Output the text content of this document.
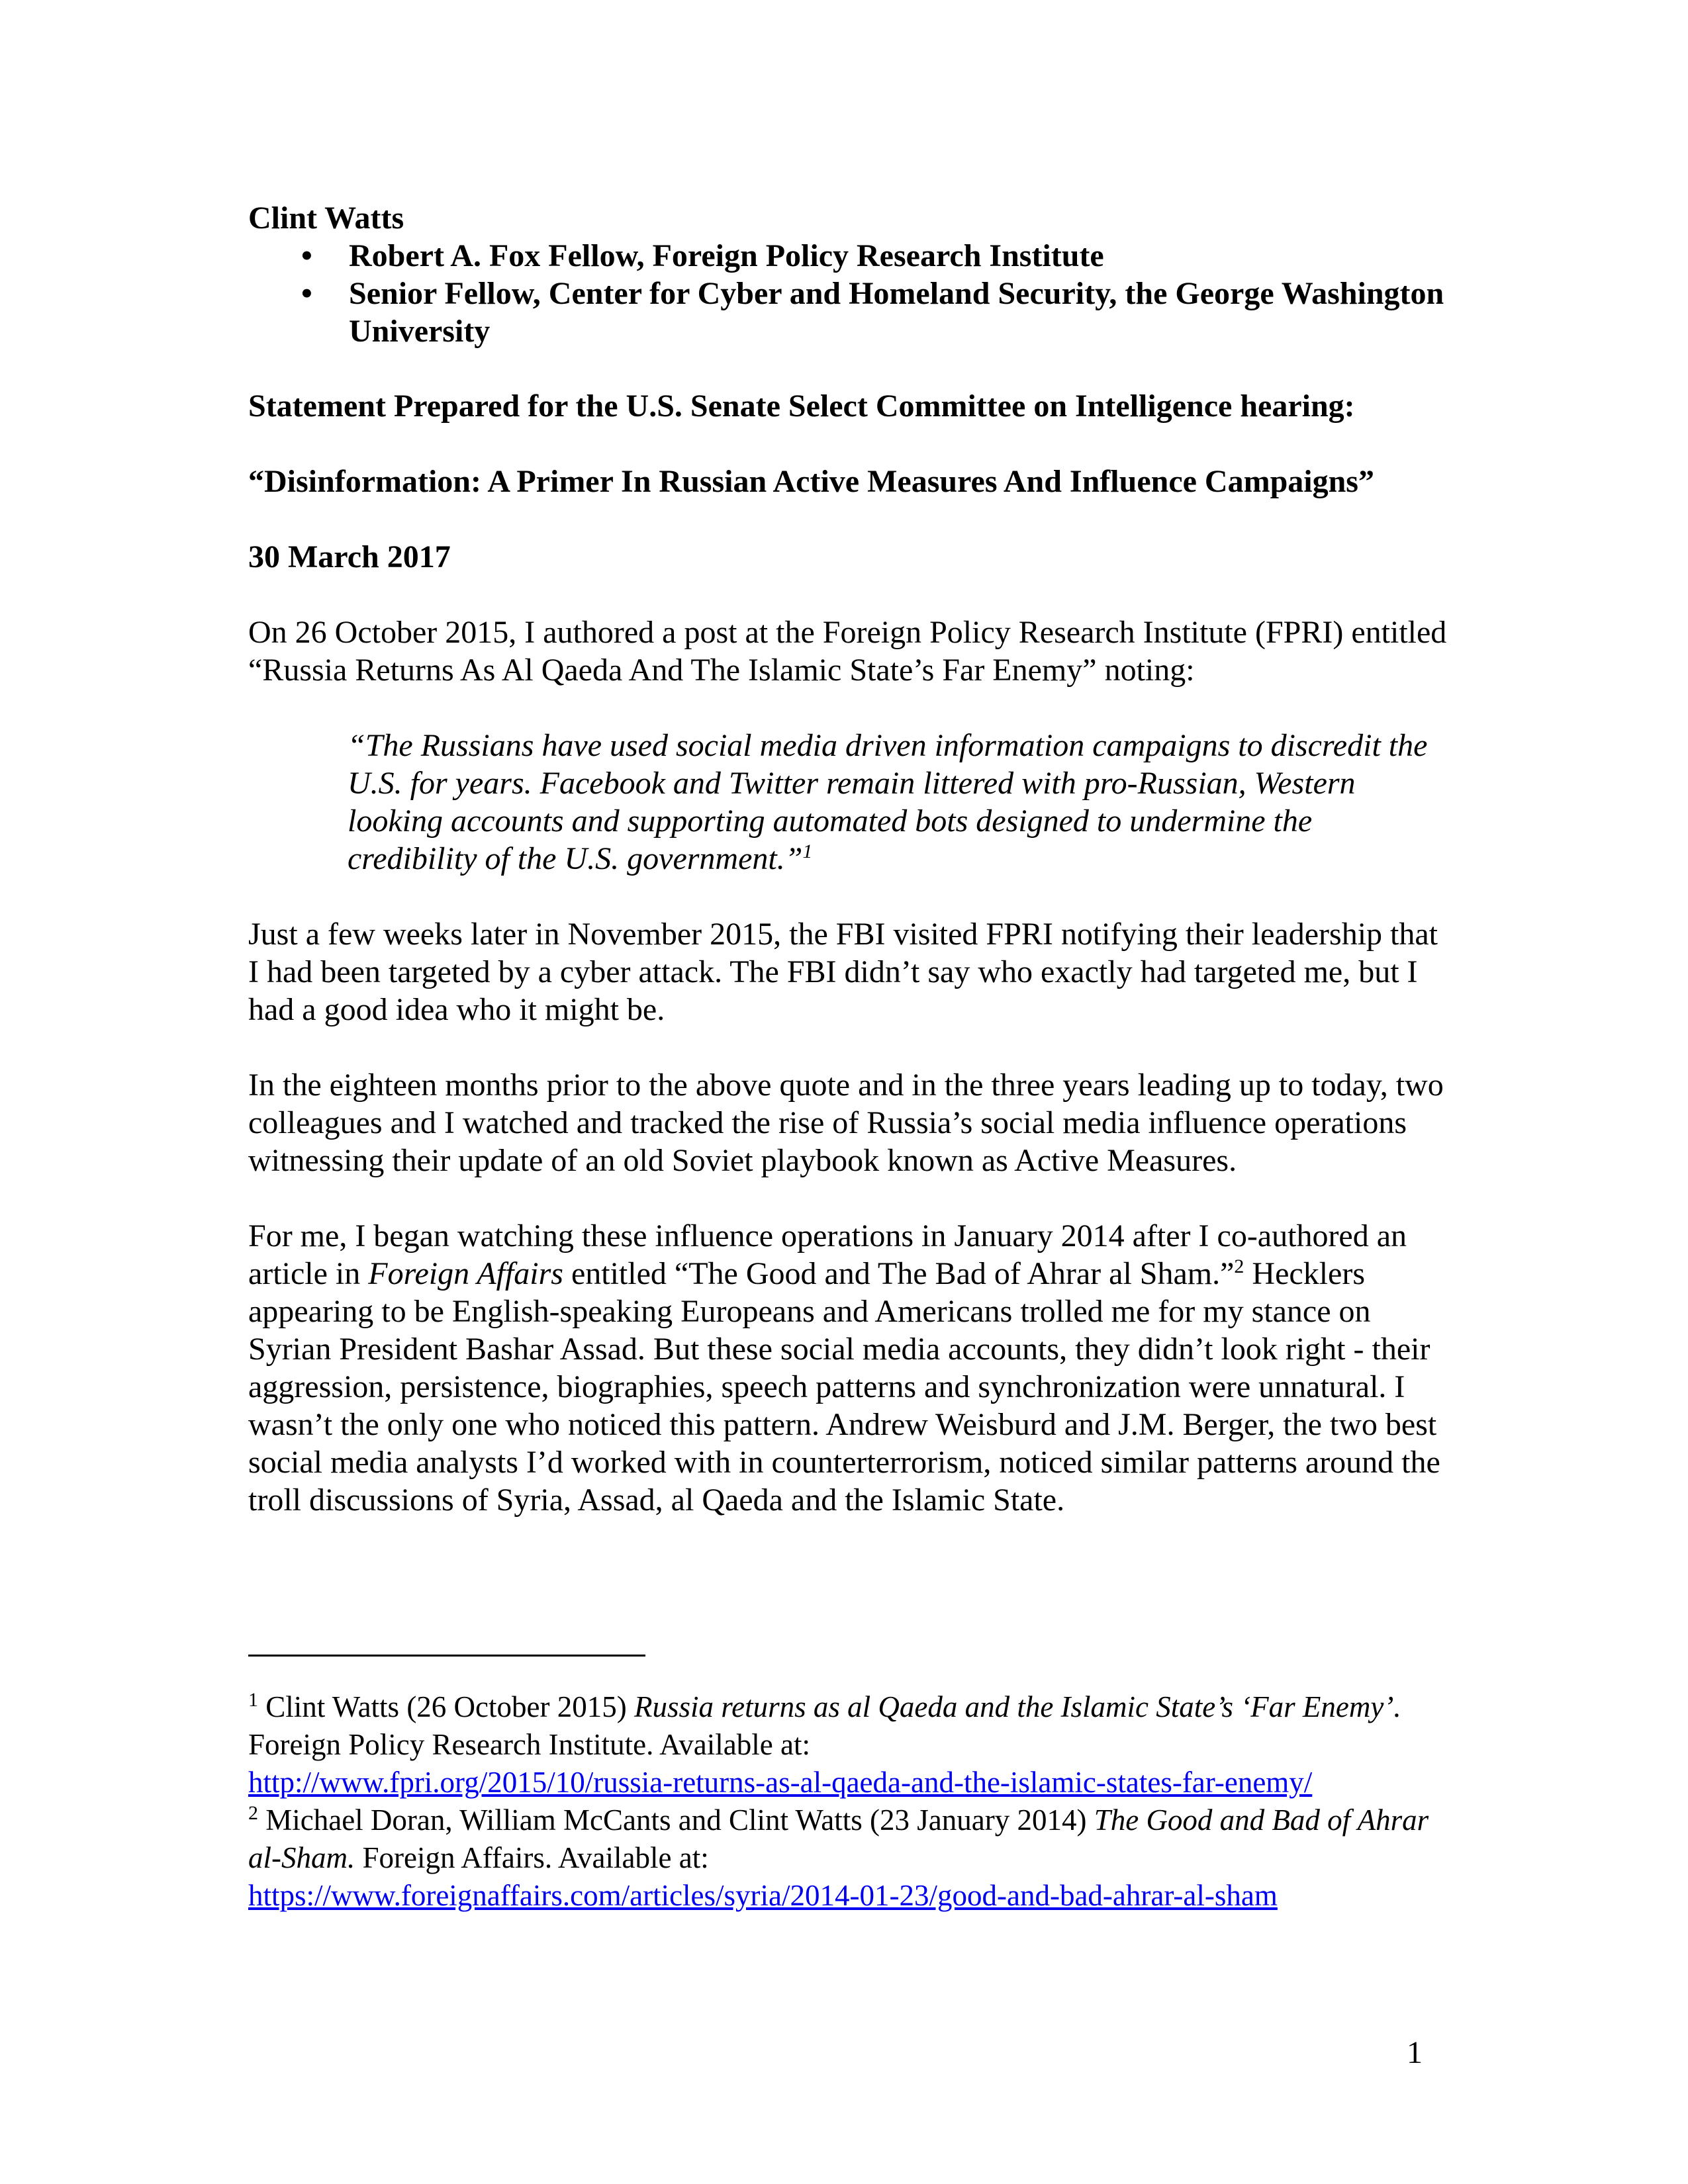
Clint Watts
• Robert A. Fox Fellow, Foreign Policy Research Institute
• Senior Fellow, Center for Cyber and Homeland Security, the George Washington University
Statement Prepared for the U.S. Senate Select Committee on Intelligence hearing:
“Disinformation: A Primer In Russian Active Measures And Influence Campaigns”
30 March 2017

On 26 October 2015, I authored a post at the Foreign Policy Research Institute (FPRI) entitled “Russia Returns As Al Qaeda And The Islamic State’s Far Enemy” noting:

“The Russians have used social media driven information campaigns to discredit the U.S. for years. Facebook and Twitter remain littered with pro-Russian, Western looking accounts and supporting automated bots designed to undermine the credibility of the U.S. government.”$^1$

Just a few weeks later in November 2015, the FBI visited FPRI notifying their leadership that I had been targeted by a cyber attack. The FBI didn’t say who exactly had targeted me, but I had a good idea who it might be.

In the eighteen months prior to the above quote and in the three years leading up to today, two colleagues and I watched and tracked the rise of Russia’s social media influence operations witnessing their update of an old Soviet playbook known as Active Measures.

For me, I began watching these influence operations in January 2014 after I co-authored an article in Foreign Affairs entitled “The Good and The Bad of Ahrar al Sham.”$^2$ Hecklers appearing to be English-speaking Europeans and Americans trolled me for my stance on Syrian President Bashar Assad. But these social media accounts, they didn’t look right - their aggression, persistence, biographies, speech patterns and synchronization were unnatural. I wasn’t the only one who noticed this pattern. Andrew Weisburd and J.M. Berger, the two best social media analysts I’d worked with in counterterrorism, noticed similar patterns around the troll discussions of Syria, Assad, al Qaeda and the Islamic State.

$^1$ Clint Watts (26 October 2015) Russia returns as al Qaeda and the Islamic State’s ‘Far Enemy’. Foreign Policy Research Institute. Available at:
http://www.fpri.org/2015/10/russia-returns-as-al-qaeda-and-the-islamic-states-far-enemy/
$^2$ Michael Doran, William McCants and Clint Watts (23 January 2014) The Good and Bad of Ahrar al-Sham. Foreign Affairs. Available at:
https://www.foreignaffairs.com/articles/syria/2014-01-23/good-and-bad-ahrar-al-sham
1
